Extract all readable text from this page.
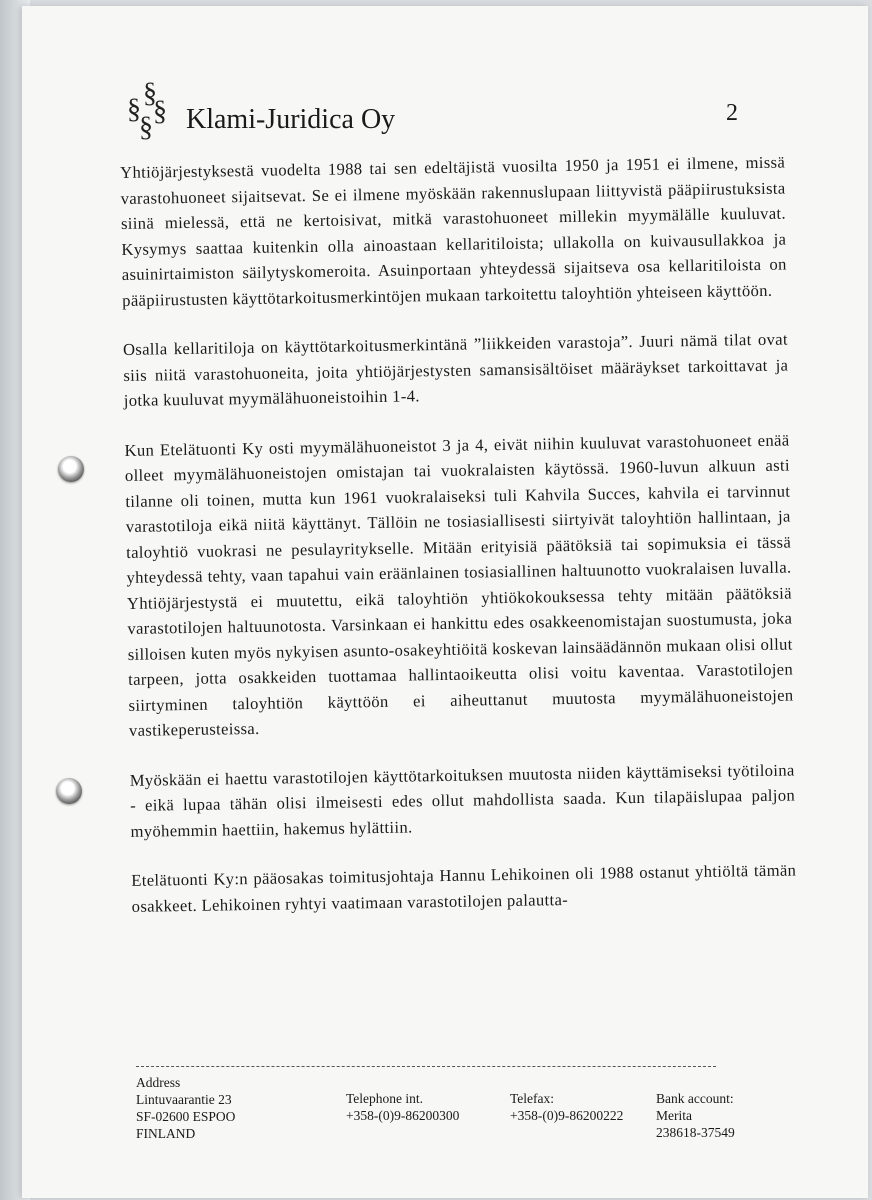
§
§ §
§ Klami-Juridica Oy	2

Yhtiöjärjestyksestä vuodelta 1988 tai sen edeltäjistä vuosilta 1950 ja 1951 ei ilmene, missä varastohuoneet sijaitsevat. Se ei ilmene myöskään rakennuslupaan liittyvistä pääpiirustuksista siinä mielessä, että ne kertoisivat, mitkä varastohuoneet millekin myymälälle kuuluvat. Kysymys saattaa kuitenkin olla ainoastaan kellaritiloista; ullakolla on kuivausullakkoa ja asuinirtaimiston säilytyskomeroita. Asuinportaan yhteydessä sijaitseva osa kellaritiloista on pääpiirustusten käyttötarkoitusmerkintöjen mukaan tarkoitettu taloyhtiön yhteiseen käyttöön.

Osalla kellaritiloja on käyttötarkoitusmerkintänä ”liikkeiden varastoja”. Juuri nämä tilat ovat siis niitä varastohuoneita, joita yhtiöjärjestysten samansisältöiset määräykset tarkoittavat ja jotka kuuluvat myymälähuoneistoihin 1-4.

Kun Etelätuonti Ky osti myymälähuoneistot 3 ja 4, eivät niihin kuuluvat varastohuoneet enää olleet myymälähuoneistojen omistajan tai vuokralaisten käytössä. 1960-luvun alkuun asti tilanne oli toinen, mutta kun 1961 vuokralaiseksi tuli Kahvila Succes, kahvila ei tarvinnut varastotiloja eikä niitä käyttänyt. Tällöin ne tosiasiallisesti siirtyivät taloyhtiön hallintaan, ja taloyhtiö vuokrasi ne pesulayritykselle. Mitään erityisiä päätöksiä tai sopimuksia ei tässä yhteydessä tehty, vaan tapahui vain eräänlainen tosiasiallinen haltuunotto vuokralaisen luvalla. Yhtiöjärjestystä ei muutettu, eikä taloyhtiön yhtiökokouksessa tehty mitään päätöksiä varastotilojen haltuunotosta. Varsinkaan ei hankittu edes osakkeenomistajan suostumusta, joka silloisen kuten myös nykyisen asunto-osakeyhtiöitä koskevan lainsäädännön mukaan olisi ollut tarpeen, jotta osakkeiden tuottamaa hallintaoikeutta olisi voitu kaventaa. Varastotilojen siirtyminen taloyhtiön käyttöön ei aiheuttanut muutosta myymälähuoneistojen vastikeperusteissa.

Myöskään ei haettu varastotilojen käyttötarkoituksen muutosta niiden käyttämiseksi työtiloina - eikä lupaa tähän olisi ilmeisesti edes ollut mahdollista saada. Kun tilapäislupaa paljon myöhemmin haettiin, hakemus hylättiin.

Etelätuonti Ky:n pääosakas toimitusjohtaja Hannu Lehikoinen oli 1988 ostanut yhtiöltä tämän osakkeet. Lehikoinen ryhtyi vaatimaan varastotilojen palautta-

Address
Lintuvaarantie 23
SF-02600 ESPOO
FINLAND
Telephone int.
+358-(0)9-86200300
Telefax:
+358-(0)9-86200222
Bank account:
Merita
238618-37549
